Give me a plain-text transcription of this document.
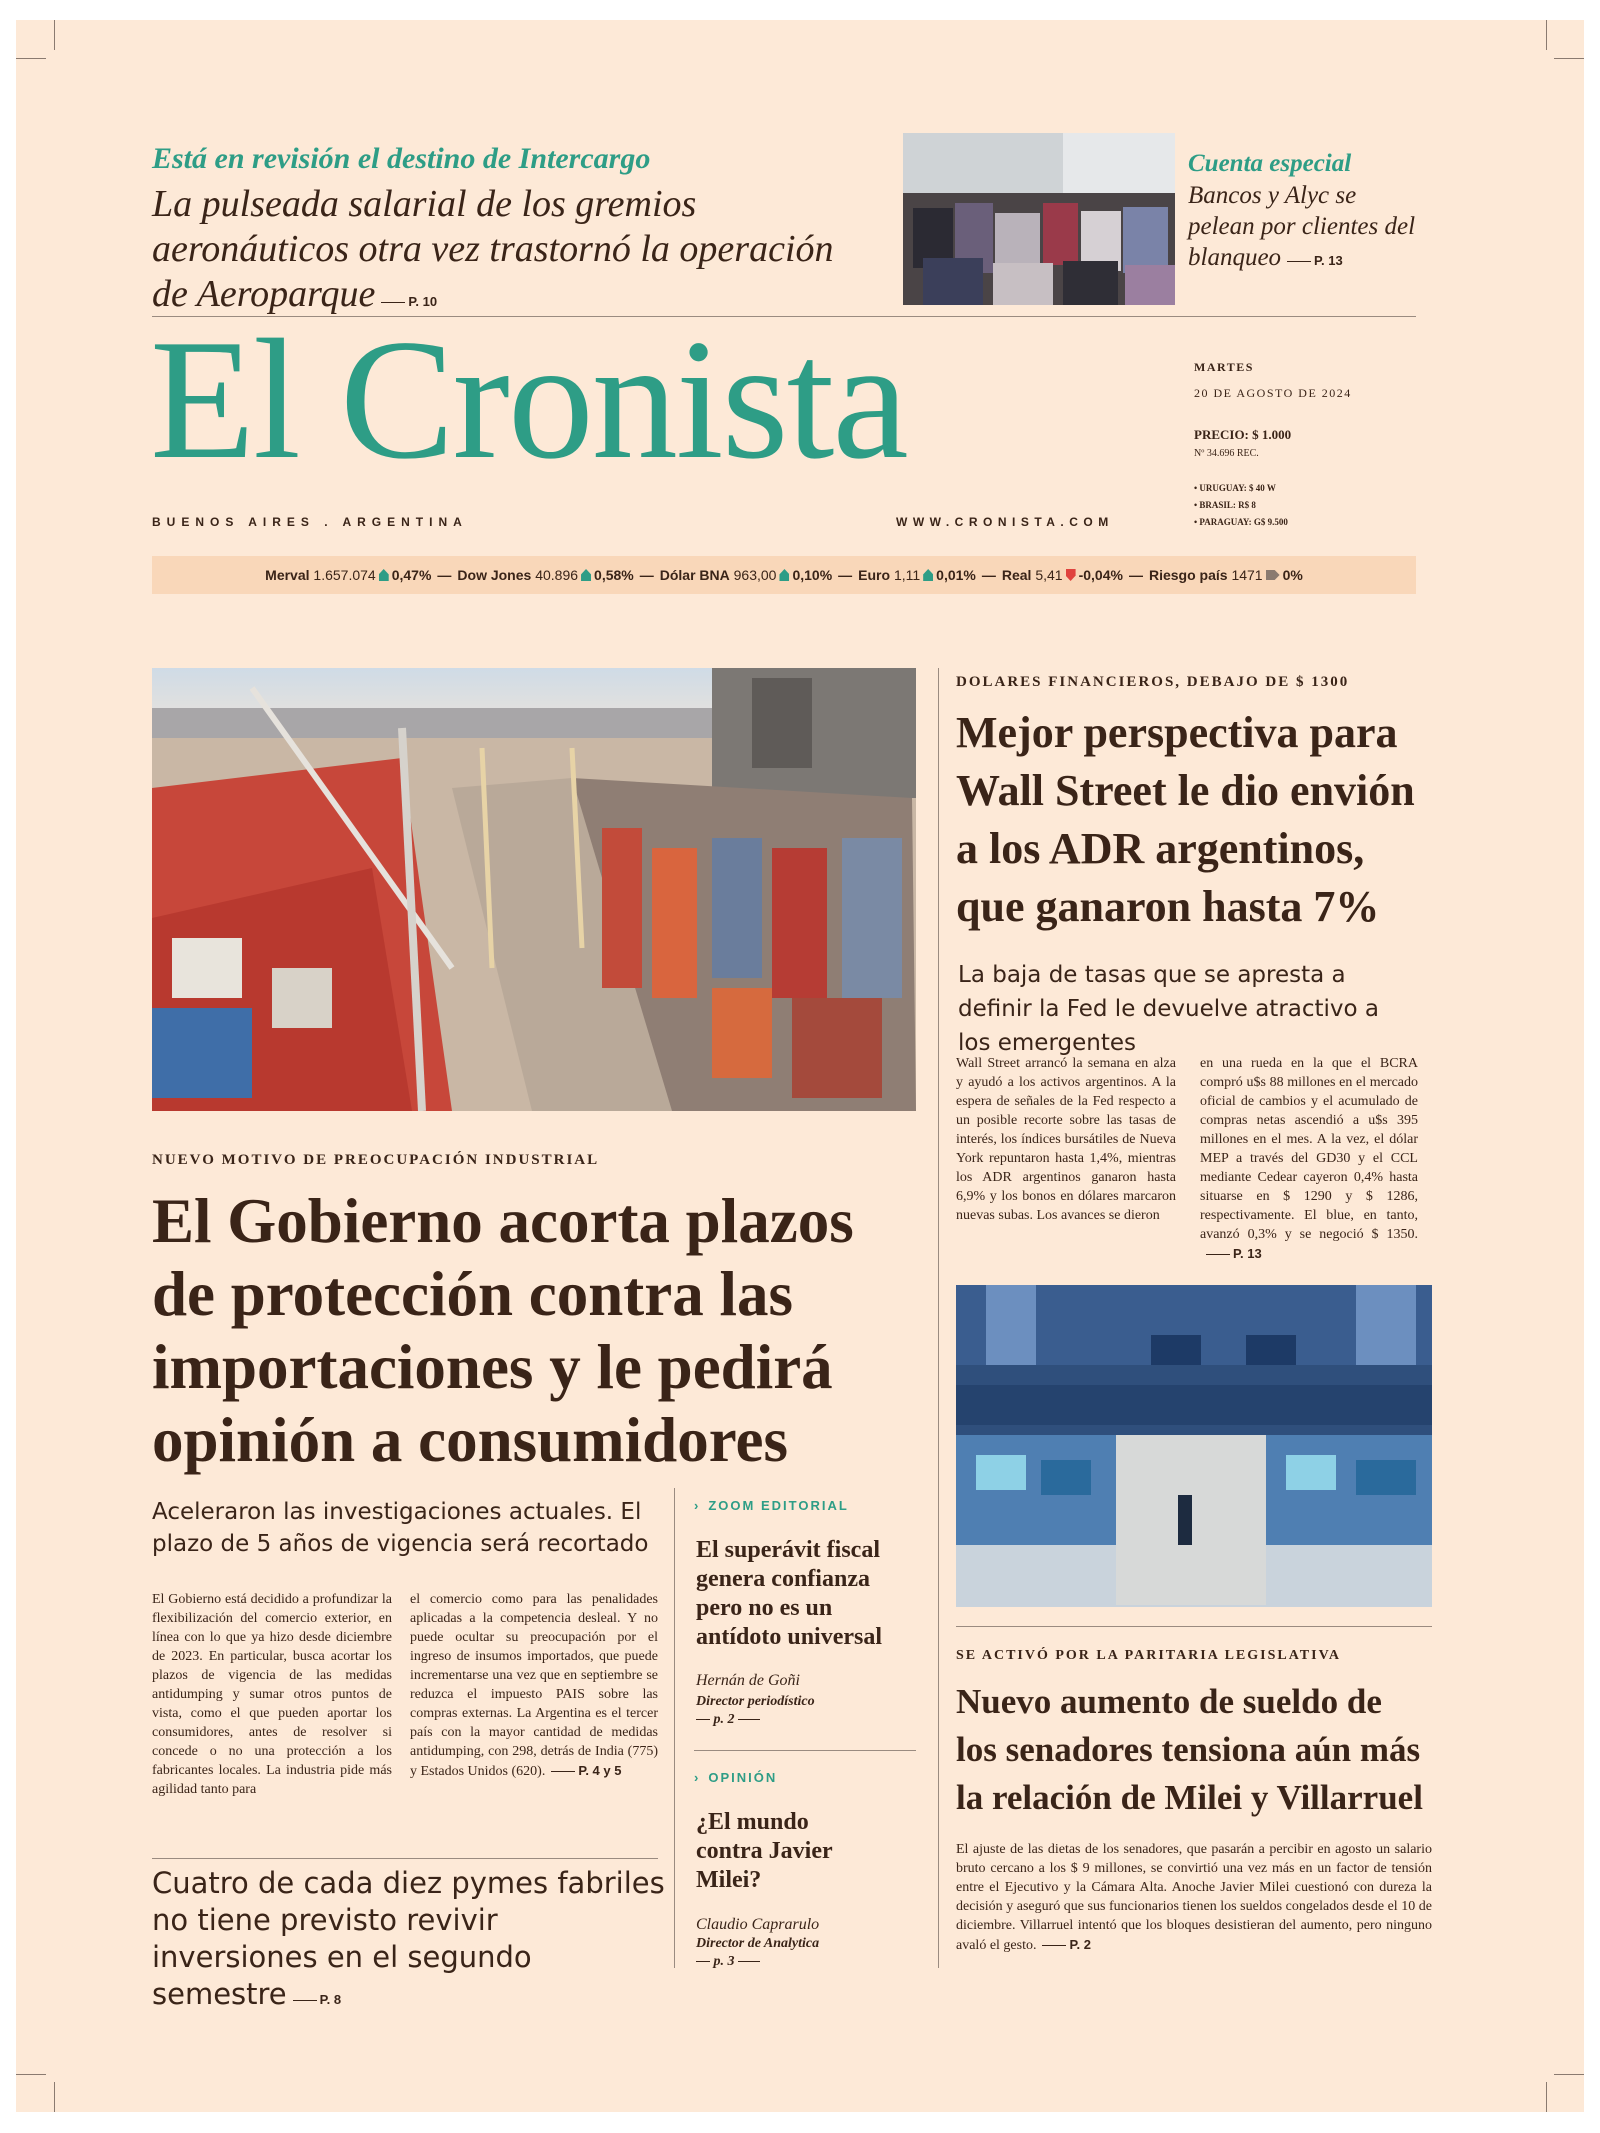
Está en revisión el destino de Intercargo
La pulseada salarial de los gremios aeronáuticos otra vez trastornó la operación de Aeroparque	P. 10
Cuenta especial
Bancos y Alyc se pelean por clientes del blanqueo	P. 13
El Cronista
BUENOS AIRES . ARGENTINA	WWW.CRONISTA.COM
MARTES
20 DE AGOSTO DE 2024
PRECIO: $ 1.000
Nº 34.696 REC.
• URUGUAY: $ 40 W
• BRASIL: R$ 8
• PARAGUAY: G$ 9.500
Merval 1.657.074 0,47% — Dow Jones 40.896 0,58% — Dólar BNA 963,00 0,10% — Euro 1,11 0,01% — Real 5,41 -0,04% — Riesgo país 1471 0%
NUEVO MOTIVO DE PREOCUPACIÓN INDUSTRIAL
El Gobierno acorta plazos de protección contra las importaciones y le pedirá opinión a consumidores
Aceleraron las investigaciones actuales. El plazo de 5 años de vigencia será recortado
El Gobierno está decidido a profundizar la flexibilización del comercio exterior, en línea con lo que ya hizo desde diciembre de 2023. En particular, busca acortar los plazos de vigencia de las medidas antidumping y sumar otros puntos de vista, como el que pueden aportar los consumidores, antes de resolver si concede o no una protección a los fabricantes locales. La industria pide más agilidad tanto para
el comercio como para las penalidades aplicadas a la competencia desleal. Y no puede ocultar su preocupación por el ingreso de insumos importados, que puede incrementarse una vez que en septiembre se reduzca el impuesto PAIS sobre las compras externas. La Argentina es el tercer país con la mayor cantidad de medidas antidumping, con 298, detrás de India (775) y Estados Unidos (620).	P. 4 y 5
Cuatro de cada diez pymes fabriles no tiene previsto revivir inversiones en el segundo semestre	P. 8
› ZOOM EDITORIAL
El superávit fiscal genera confianza pero no es un antídoto universal
Hernán de Goñi
Director periodístico
p. 2
› OPINIÓN
¿El mundo contra Javier Milei?
Claudio Caprarulo
Director de Analytica
p. 3
DOLARES FINANCIEROS, DEBAJO DE $ 1300
Mejor perspectiva para Wall Street le dio envión a los ADR argentinos, que ganaron hasta 7%
La baja de tasas que se apresta a definir la Fed le devuelve atractivo a los emergentes
Wall Street arrancó la semana en alza y ayudó a los activos argentinos. A la espera de señales de la Fed respecto a un posible recorte sobre las tasas de interés, los índices bursátiles de Nueva York repuntaron hasta 1,4%, mientras los ADR argentinos ganaron hasta 6,9% y los bonos en dólares marcaron nuevas subas. Los avances se dieron
en una rueda en la que el BCRA compró u$s 88 millones en el mercado oficial de cambios y el acumulado de compras netas ascendió a u$s 395 millones en el mes. A la vez, el dólar MEP a través del GD30 y el CCL mediante Cedear cayeron 0,4% hasta situarse en $ 1290 y $ 1286, respectivamente. El blue, en tanto, avanzó 0,3% y se negoció $ 1350.P. 13
SE ACTIVÓ POR LA PARITARIA LEGISLATIVA
Nuevo aumento de sueldo de los senadores tensiona aún más la relación de Milei y Villarruel
El ajuste de las dietas de los senadores, que pasarán a percibir en agosto un salario bruto cercano a los $ 9 millones, se convirtió una vez más en un factor de tensión entre el Ejecutivo y la Cámara Alta. Anoche Javier Milei cuestionó con dureza la decisión y aseguró que sus funcionarios tienen los sueldos congelados desde el 10 de diciembre. Villarruel intentó que los bloques desistieran del aumento, pero ninguno avaló el gesto.	P. 2
